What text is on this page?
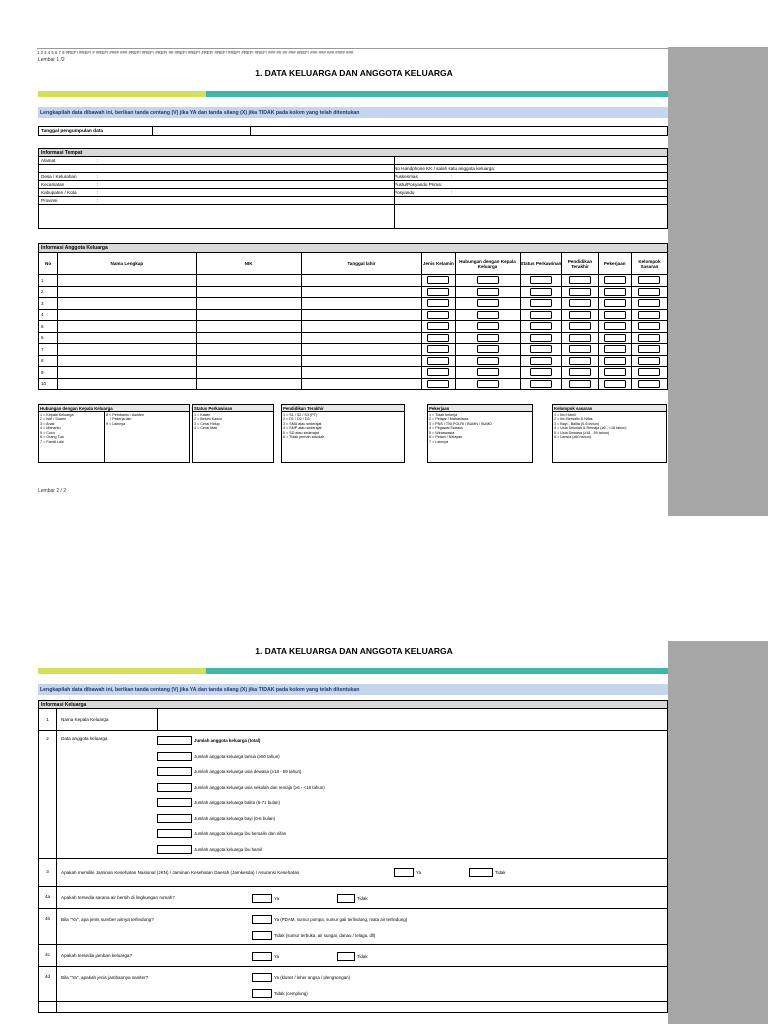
1 2 3 4 5 6 7 8 #REF! #REF! # #REF! #### ### #REF! #REF! #REF! ## #REF! #REF! #REF! #REF! #REF! #REF! #REF! ### ## ## ### #REF! ### ### ### #### ###
Lembar 1 /2
1. DATA KELUARGA DAN ANGGOTA KELUARGA
Lengkapilah data dibawah ini, berikan tanda centang (V) jika YA dan tanda silang (X) jika TIDAK pada kolom yang telah ditentukan
Tanggal pengumpulan data
Informasi Tempat
Alamat	:
No Handphone KK / salah satu anggota keluarga:
Desa / Kelurahan	:	Puskesmas	:
Kecamatan	:	Pustu/Posyandu Prima:
Kabupaten / Kota	:	Posyandu	:
Provinsi	:
Informasi Anggota Keluarga
No	Nama Lengkap	NIK	Tanggal lahir	Jenis Kelamin	Hubungan dengan Kepala Keluarga	Status Perkawinan	Pendidikan Terakhir	Pekerjaan	Kelompok Sasaran
1									
2									
3									
4									
5									
6									
7									
8									
9									
10									
Hubungan dengan Kepala Keluarga
1 = Kepala Keluarga
2 = Istri / Suami
3 = Anak
4 = Menantu
5 = Cucu
6 = Orang Tua
7 = Famili Lain
8 = Pembantu / Asisten
/ Pekerja lain
9 = Lainnya
Status Perkawinan
1 = Kawin
2 = Belum Kawin
3 = Cerai Hidup
4 = Cerai Mati
Pendidikan Terakhir
1 = S1 / S2 / S3 (PT)
2 = D1 / D2 / D3
3 = SMA atau sederajat
4 = SMP atau sederajat
5 = SD atau sederajat
6 = Tidak pernah sekolah
Pekerjaan
1 = Tidak bekerja
2 = Pelajar / Mahasiswa
3 = PNS / TNI-POLRI / BUMN / BUMD
4 = Pegawai Swasta
5 = Wiraswasta
6 = Petani / Nelayan
7 = Lainnya
Kelompok sasaran
1 = Ibu Hamil
2 = Ibu Bersalin & Nifas
3 = Bayi - Balita (0-6 tahun)
4 = Usia Sekolah & Remaja (≥6 - <18 tahun)
5 = Usia Dewasa (≥18 - 59 tahun)
6 = Lansia (≥60 tahun)
Lembar 2 / 2
1. DATA KELUARGA DAN ANGGOTA KELUARGA
Lengkapilah data dibawah ini, berikan tanda centang (V) jika YA dan tanda silang (X) jika TIDAK pada kolom yang telah ditentukan
Informasi Keluarga
1	Nama Kepala Keluarga
2	Data anggota keluarga	Jumlah anggota keluarga (total)
Jumlah anggota keluarga lansia (≥60 tahun)
Jumlah anggota keluarga usia dewasa (≥18 - 59 tahun)
Jumlah anggota keluarga usia sekolah dan remaja (≥6 - <18 tahun)
Jumlah anggota keluarga balita (6-71 bulan)
Jumlah anggota keluarga bayi (0-6 bulan)
Jumlah anggota keluarga ibu bersalin dan nifas
Jumlah anggota keluarga ibu hamil
3	Apakah memiliki Jaminan Kesehatan Nasional (JKN) / Jaminan Kesehatan Daerah (Jamkesda) / Asuransi Kesehatan	Ya	Tidak
4a	Apakah tersedia sarana air bersih di lingkungan rumah?	Ya	Tidak
4b	Bila "Ya", apa jenis sumber airnya terlindung?	Ya (PDAM, sumur pompa, sumur gali terlindung, mata air terlindung)
Tidak (sumur terbuka, air sungai, danau / telaga, dll)
4c	Apakah tersedia jamban keluarga?	Ya	Tidak
4d	Bila "Ya", apakah jenis jambannya saniter?	Ya (kloset / leher angsa / plengsengan)
Tidak (cemplung)
